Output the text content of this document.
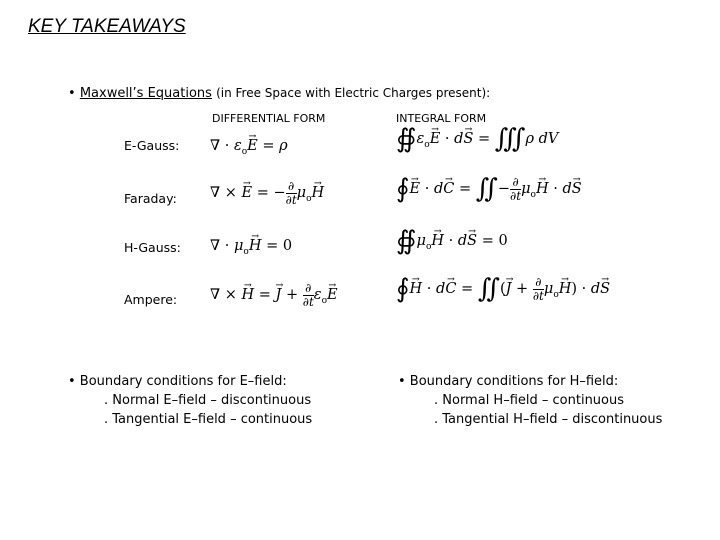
KEY TAKEAWAYS
• Maxwell’s Equations (in Free Space with Electric Charges present):
DIFFERENTIAL FORM	INTEGRAL FORM
E-Gauss:
Faraday:
H-Gauss:
Ampere:
∇ · $\varepsilon_o\to E = \rho$
∇ × → E = − $\frac{\partial}{\partial t} \mu_o\to H$
∇ · $\mu_o\to H = 0$
∇ × → H = → $J + \frac{\partial}{\partial t} \varepsilon_o\to E$
$∯\varepsilon_o\to E \cdot d\to S$ = ∭ρ dV
∮→ E · d→ C = ∬− $\frac{\partial}{\partial t} \mu_o\to H \cdot d\to S$
$∯\mu_o\to H \cdot d\to S = 0$
∮→ H · d→ C = ∬(→ $J + \frac{\partial}{\partial t} \mu_o\to H) \cdot d\to S$
• Boundary conditions for E–field:
. Normal E–field – discontinuous
. Tangential E–field – continuous
• Boundary conditions for H–field:
. Normal H–field – continuous
. Tangential H–field – discontinuous
